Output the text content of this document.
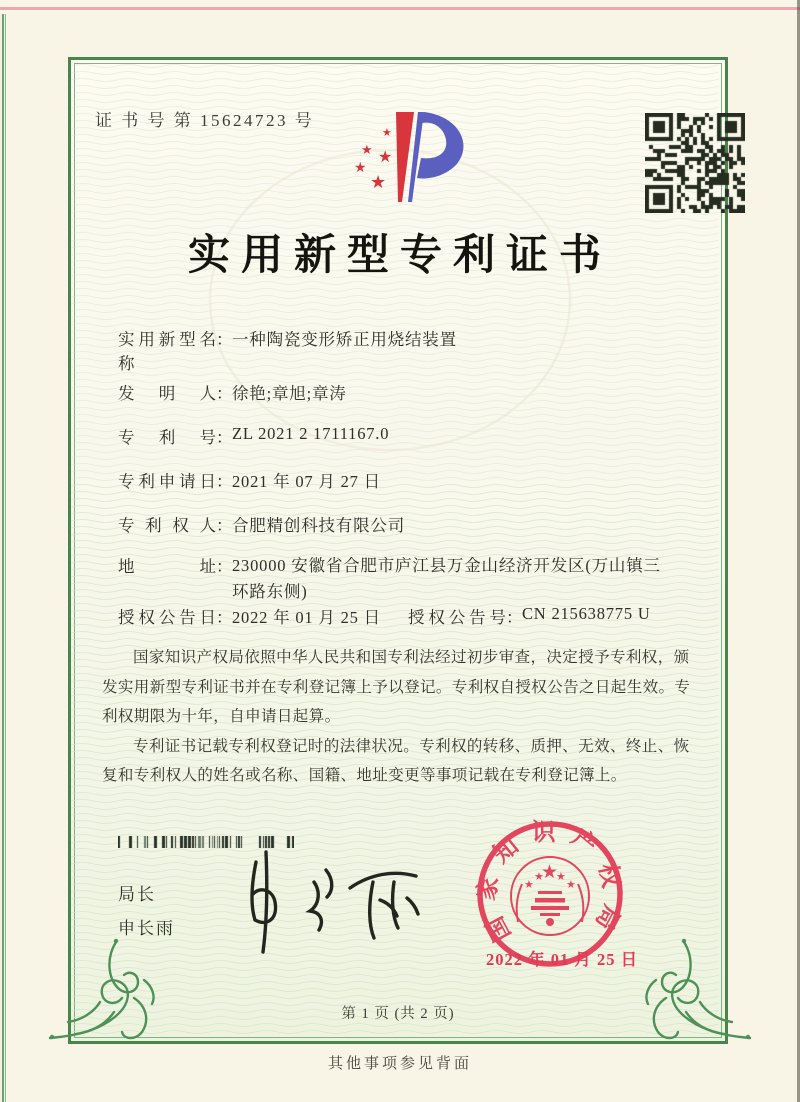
证 书 号 第 15624723 号
★
★ ★
★
★
实用新型专利证书
实用新型名称：一种陶瓷变形矫正用烧结装置
发明人：徐艳;章旭;章涛
专利号：ZL 2021 2 1711167.0
专利申请日：2021 年 07 月 27 日
专利权人：合肥精创科技有限公司
地址：230000 安徽省合肥市庐江县万金山经济开发区(万山镇三环路东侧)
授权公告日：2022 年 01 月 25 日 授权公告号：CN 215638775 U

国家知识产权局依照中华人民共和国专利法经过初步审查，决定授予专利权，颁发实用新型专利证书并在专利登记簿上予以登记。专利权自授权公告之日起生效。专利权期限为十年，自申请日起算。

专利证书记载专利权登记时的法律状况。专利权的转移、质押、无效、终止、恢复和专利权人的姓名或名称、国籍、地址变更等事项记载在专利登记簿上。

局长
申长雨	国家知识产权局
★
★
★ ★
★
2022 年 01 月 25 日
第 1 页 (共 2 页)
其他事项参见背面
